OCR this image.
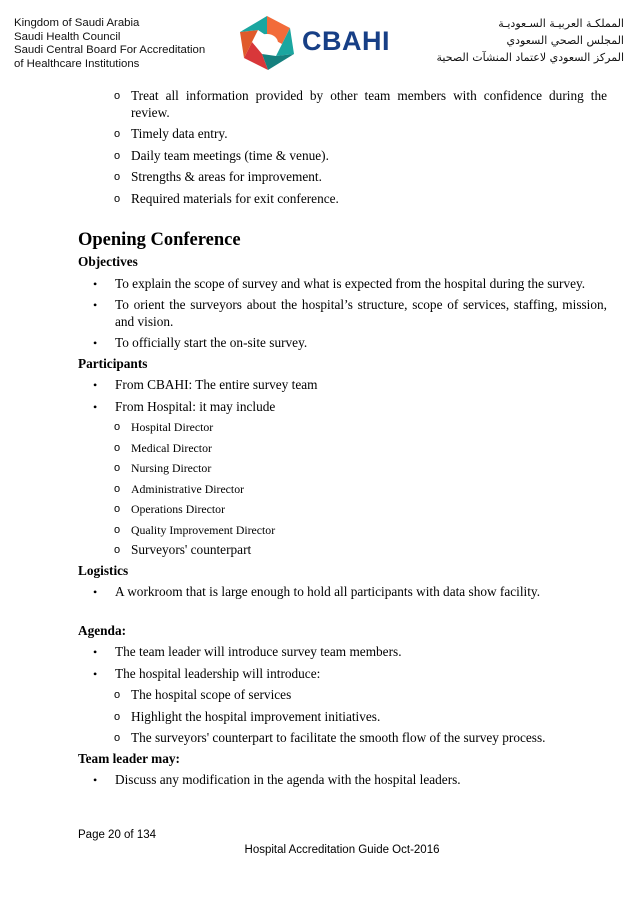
Kingdom of Saudi Arabia
Saudi Health Council
Saudi Central Board For Accreditation
of Healthcare Institutions
CBAHI
المملكـة العربيـة السـعوديـة
المجلس الصحي السعودي
المركز السعودي لاعتماد المنشآت الصحية
o Treat all information provided by other team members with confidence during the review.
o Timely data entry.
o Daily team meetings (time & venue).
o Strengths & areas for improvement.
o Required materials for exit conference.
Opening Conference
Objectives
• To explain the scope of survey and what is expected from the hospital during the survey.
• To orient the surveyors about the hospital’s structure, scope of services, staffing, mission, and vision.
• To officially start the on-site survey.
Participants
• From CBAHI: The entire survey team
• From Hospital: it may include
o Hospital Director
o Medical Director
o Nursing Director
o Administrative Director
o Operations Director
o Quality Improvement Director
o Surveyors' counterpart
Logistics
• A workroom that is large enough to hold all participants with data show facility.
Agenda:
• The team leader will introduce survey team members.
• The hospital leadership will introduce:
o The hospital scope of services
o Highlight the hospital improvement initiatives.
o The surveyors' counterpart to facilitate the smooth flow of the survey process.
Team leader may:
• Discuss any modification in the agenda with the hospital leaders.
Page 20 of 134
Hospital Accreditation Guide Oct-2016
